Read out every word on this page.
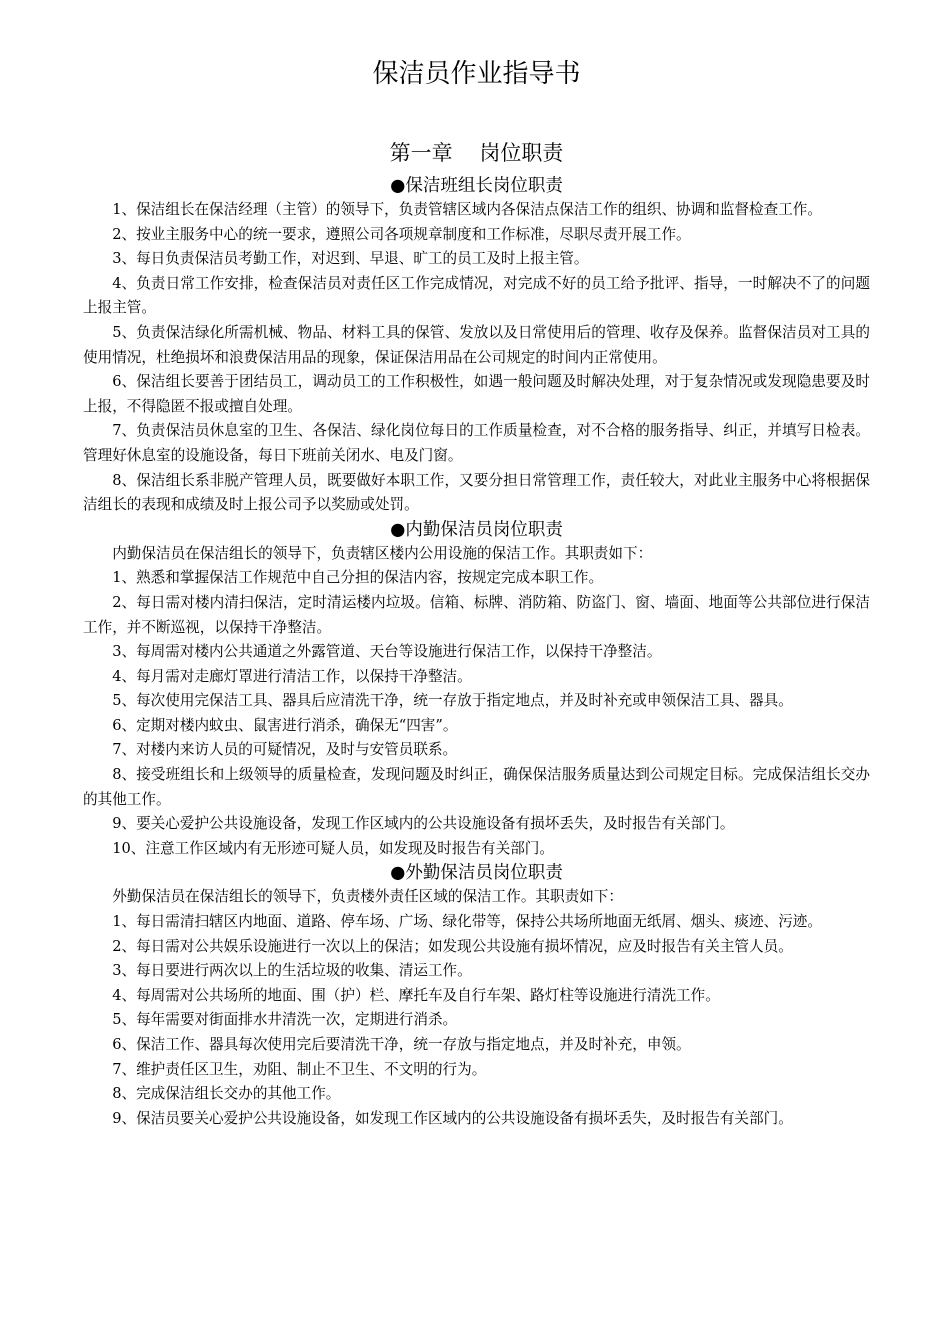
保洁员作业指导书
第一章    岗位职责
●保洁班组长岗位职责

1、保洁组长在保洁经理（主管）的领导下，负责管辖区域内各保洁点保洁工作的组织、协调和监督检查工作。

2、按业主服务中心的统一要求，遵照公司各项规章制度和工作标准，尽职尽责开展工作。

3、每日负责保洁员考勤工作，对迟到、早退、旷工的员工及时上报主管。

4、负责日常工作安排，检查保洁员对责任区工作完成情况，对完成不好的员工给予批评、指导，一时解决不了的问题上报主管。

5、负责保洁绿化所需机械、物品、材料工具的保管、发放以及日常使用后的管理、收存及保养。监督保洁员对工具的使用情况，杜绝损坏和浪费保洁用品的现象，保证保洁用品在公司规定的时间内正常使用。

6、保洁组长要善于团结员工，调动员工的工作积极性，如遇一般问题及时解决处理，对于复杂情况或发现隐患要及时上报，不得隐匿不报或擅自处理。

7、负责保洁员休息室的卫生、各保洁、绿化岗位每日的工作质量检查，对不合格的服务指导、纠正，并填写日检表。管理好休息室的设施设备，每日下班前关闭水、电及门窗。

8、保洁组长系非脱产管理人员，既要做好本职工作，又要分担日常管理工作，责任较大，对此业主服务中心将根据保洁组长的表现和成绩及时上报公司予以奖励或处罚。

●内勤保洁员岗位职责

内勤保洁员在保洁组长的领导下，负责辖区楼内公用设施的保洁工作。其职责如下：

1、熟悉和掌握保洁工作规范中自己分担的保洁内容，按规定完成本职工作。

2、每日需对楼内清扫保洁，定时清运楼内垃圾。信箱、标牌、消防箱、防盗门、窗、墙面、地面等公共部位进行保洁工作，并不断巡视，以保持干净整洁。

3、每周需对楼内公共通道之外露管道、天台等设施进行保洁工作，以保持干净整洁。

4、每月需对走廊灯罩进行清洁工作，以保持干净整洁。

5、每次使用完保洁工具、器具后应清洗干净，统一存放于指定地点，并及时补充或申领保洁工具、器具。

6、定期对楼内蚊虫、鼠害进行消杀，确保无“四害”。

7、对楼内来访人员的可疑情况，及时与安管员联系。

8、接受班组长和上级领导的质量检查，发现问题及时纠正，确保保洁服务质量达到公司规定目标。完成保洁组长交办的其他工作。

9、要关心爱护公共设施设备，发现工作区域内的公共设施设备有损坏丢失，及时报告有关部门。

10、注意工作区域内有无形迹可疑人员，如发现及时报告有关部门。

●外勤保洁员岗位职责

外勤保洁员在保洁组长的领导下，负责楼外责任区域的保洁工作。其职责如下：

1、每日需清扫辖区内地面、道路、停车场、广场、绿化带等，保持公共场所地面无纸屑、烟头、痰迹、污迹。

2、每日需对公共娱乐设施进行一次以上的保洁；如发现公共设施有损坏情况，应及时报告有关主管人员。

3、每日要进行两次以上的生活垃圾的收集、清运工作。

4、每周需对公共场所的地面、围（护）栏、摩托车及自行车架、路灯柱等设施进行清洗工作。

5、每年需要对街面排水井清洗一次，定期进行消杀。

6、保洁工作、器具每次使用完后要清洗干净，统一存放与指定地点，并及时补充，申领。

7、维护责任区卫生，劝阻、制止不卫生、不文明的行为。

8、完成保洁组长交办的其他工作。

9、保洁员要关心爱护公共设施设备，如发现工作区域内的公共设施设备有损坏丢失，及时报告有关部门。
